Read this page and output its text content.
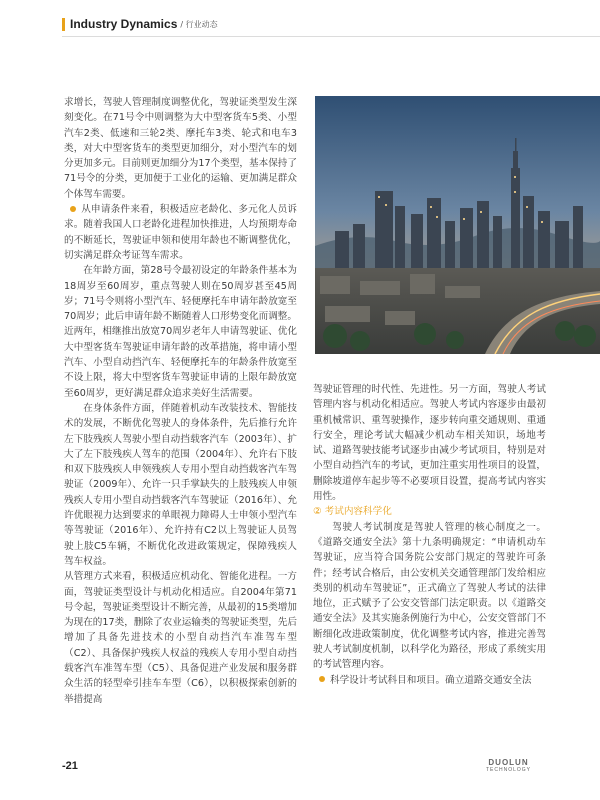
Industry Dynamics / 行业动态

求增长，驾驶人管理制度调整优化，驾驶证类型发生深刻变化。在71号令中则调整为大中型客货车5类、小型汽车2类、低速和三轮2类、摩托车3类、轮式和电车3类，对大中型客货车的类型更加细分，对小型汽车的划分更加多元。目前则更加细分为17个类型，基本保持了71号令的分类，更加便于工业化的运输、更加满足群众个体驾车需要。

从申请条件来看，积极适应老龄化、多元化人员诉求。随着我国人口老龄化进程加快推进，人均预期寿命的不断延长，驾驶证申领和使用年龄也不断调整优化，切实满足群众考证驾车需求。

在年龄方面，第28号令最初设定的年龄条件基本为18周岁至60周岁，重点驾驶人则在50周岁甚至45周岁；71号令则将小型汽车、轻便摩托车申请年龄放宽至70周岁；此后申请年龄不断随着人口形势变化而调整。近两年，相继推出放宽70周岁老年人申请驾驶证、优化大中型客货车驾驶证申请年龄的改革措施，将申请小型汽车、小型自动挡汽车、轻便摩托车的年龄条件放宽至不设上限，将大中型客货车驾驶证申请的上限年龄放宽至60周岁，更好满足群众追求美好生活需要。

在身体条件方面，伴随着机动车改装技术、智能技术的发展，不断优化驾驶人的身体条件，先后推行允许左下肢残疾人驾驶小型自动挡载客汽车（2003年）、扩大了左下肢残疾人驾车的范围（2004年）、允许右下肢和双下肢残疾人申领残疾人专用小型自动挡载客汽车驾驶证（2009年）、允许一只手掌缺失的上肢残疾人申领残疾人专用小型自动挡载客汽车驾驶证（2016年）、允许优眼视力达到要求的单眼视力障碍人士申领小型汽车等驾驶证（2016年）、允许持有C2以上驾驶证人员驾驶上肢C5车辆，不断优化改进政策规定，保障残疾人驾车权益。

从管理方式来看，积极适应机动化、智能化进程。一方面，驾驶证类型设计与机动化相适应。自2004年第71号令起，驾驶证类型设计不断完善，从最初的15类增加为现在的17类，删除了农业运输类的驾驶证类型，先后增加了具备先进技术的小型自动挡汽车准驾车型（C2）、具备保护残疾人权益的残疾人专用小型自动挡载客汽车准驾车型（C5）、具备促进产业发展和服务群众生活的轻型牵引挂车车型（C6），以积极探索创新的举措提高

驾驶证管理的时代性、先进性。另一方面，驾驶人考试管理内容与机动化相适应。驾驶人考试内容逐步由最初重机械常识、重驾驶操作，逐步转向重交通规则、重通行安全，理论考试大幅减少机动车相关知识，场地考试、道路驾驶技能考试逐步由减少考试项目，特别是对小型自动挡汽车的考试，更加注重实用性项目的设置，删除坡道停车起步等不必要项目设置，提高考试内容实用性。

② 考试内容科学化

驾驶人考试制度是驾驶人管理的核心制度之一。《道路交通安全法》第十九条明确规定：“申请机动车驾驶证，应当符合国务院公安部门规定的驾驶许可条件；经考试合格后，由公安机关交通管理部门发给相应类别的机动车驾驶证”，正式确立了驾驶人考试的法律地位，正式赋予了公安交管部门法定职责。以《道路交通安全法》及其实施条例施行为中心，公安交管部门不断细化改进政策制度，优化调整考试内容，推进完善驾驶人考试制度机制，以科学化为路径，形成了系统实用的考试管理内容。

科学设计考试科目和项目。确立道路交通安全法

-21	DUOLUN
TECHNOLOGY
